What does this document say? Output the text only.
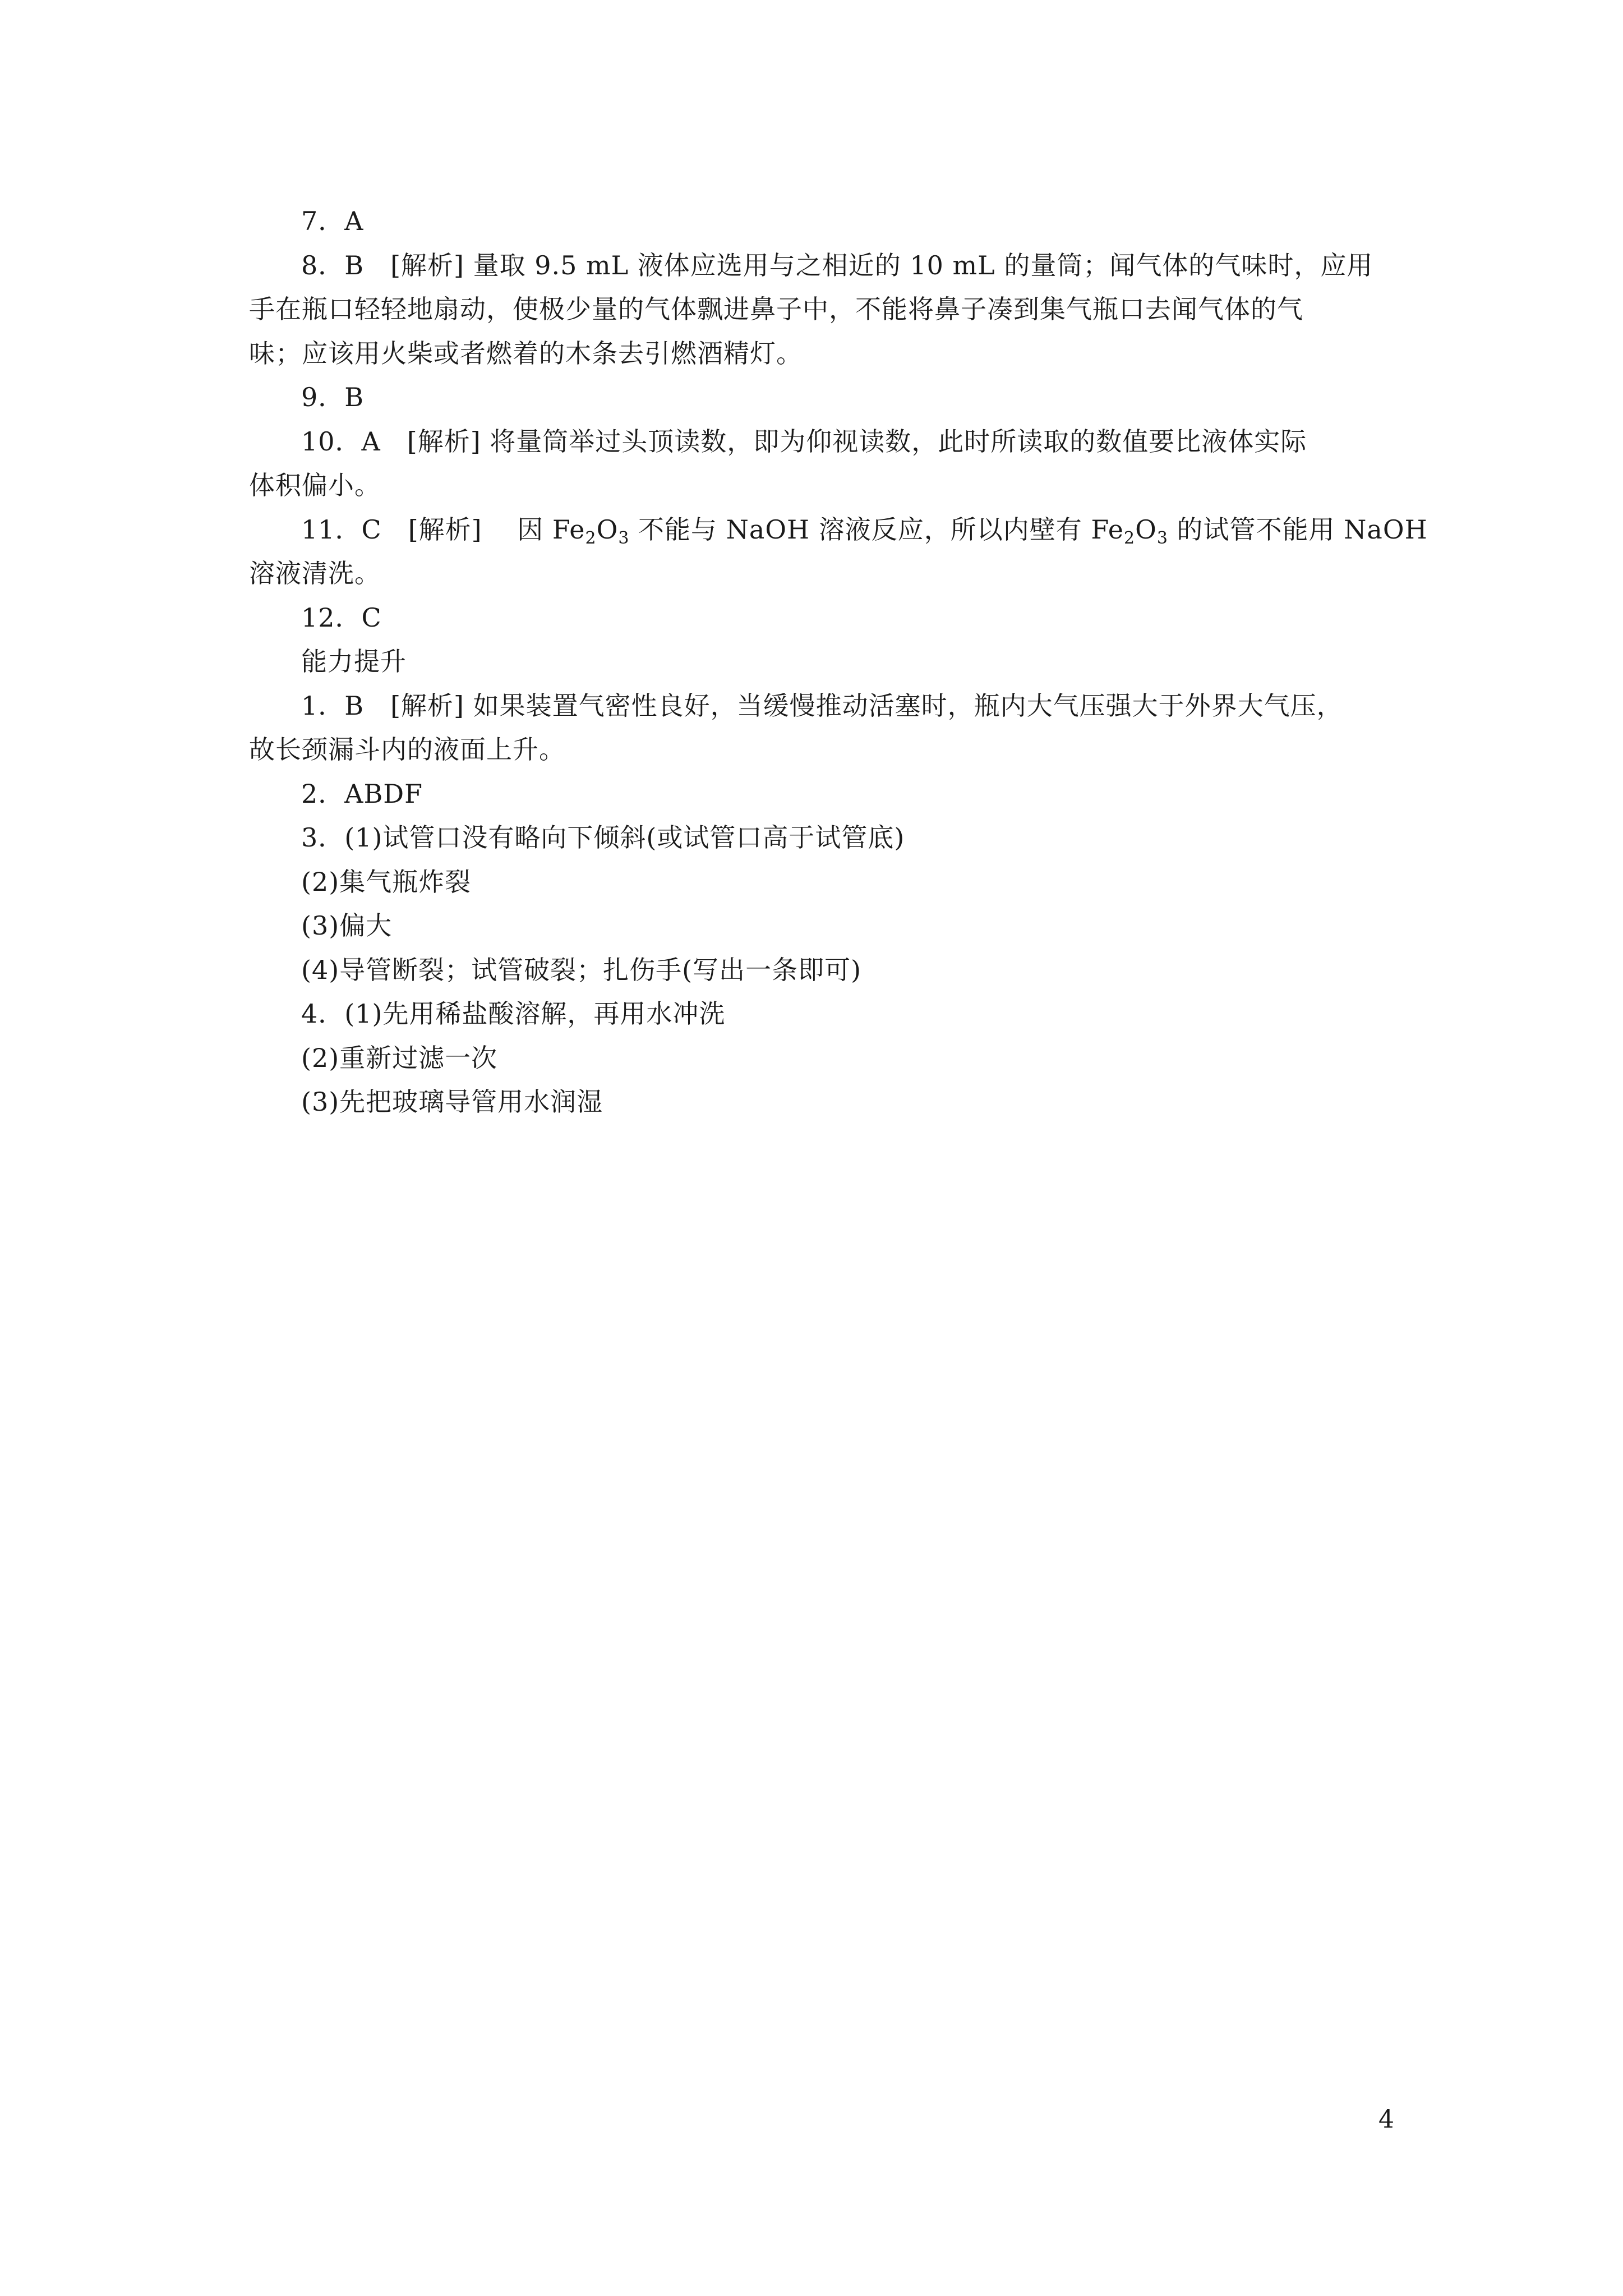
7．A
8．B　[解析] 量取 9.5 mL 液体应选用与之相近的 10 mL 的量筒；闻气体的气味时，应用
手在瓶口轻轻地扇动，使极少量的气体飘进鼻子中，不能将鼻子凑到集气瓶口去闻气体的气
味；应该用火柴或者燃着的木条去引燃酒精灯。
9．B
10．A　[解析] 将量筒举过头顶读数，即为仰视读数，此时所读取的数值要比液体实际
体积偏小。
11．C　[解析]　 因 $Fe_2O_3$ 不能与 NaOH 溶液反应，所以内壁有 $Fe_2O_3$ 的试管不能用 NaOH
溶液清洗。
12．C
能力提升
1．B　[解析] 如果装置气密性良好，当缓慢推动活塞时，瓶内大气压强大于外界大气压，
故长颈漏斗内的液面上升。
2．ABDF
3．(1)试管口没有略向下倾斜(或试管口高于试管底)
(2)集气瓶炸裂
(3)偏大
(4)导管断裂；试管破裂；扎伤手(写出一条即可)
4．(1)先用稀盐酸溶解，再用水冲洗
(2)重新过滤一次
(3)先把玻璃导管用水润湿
4
